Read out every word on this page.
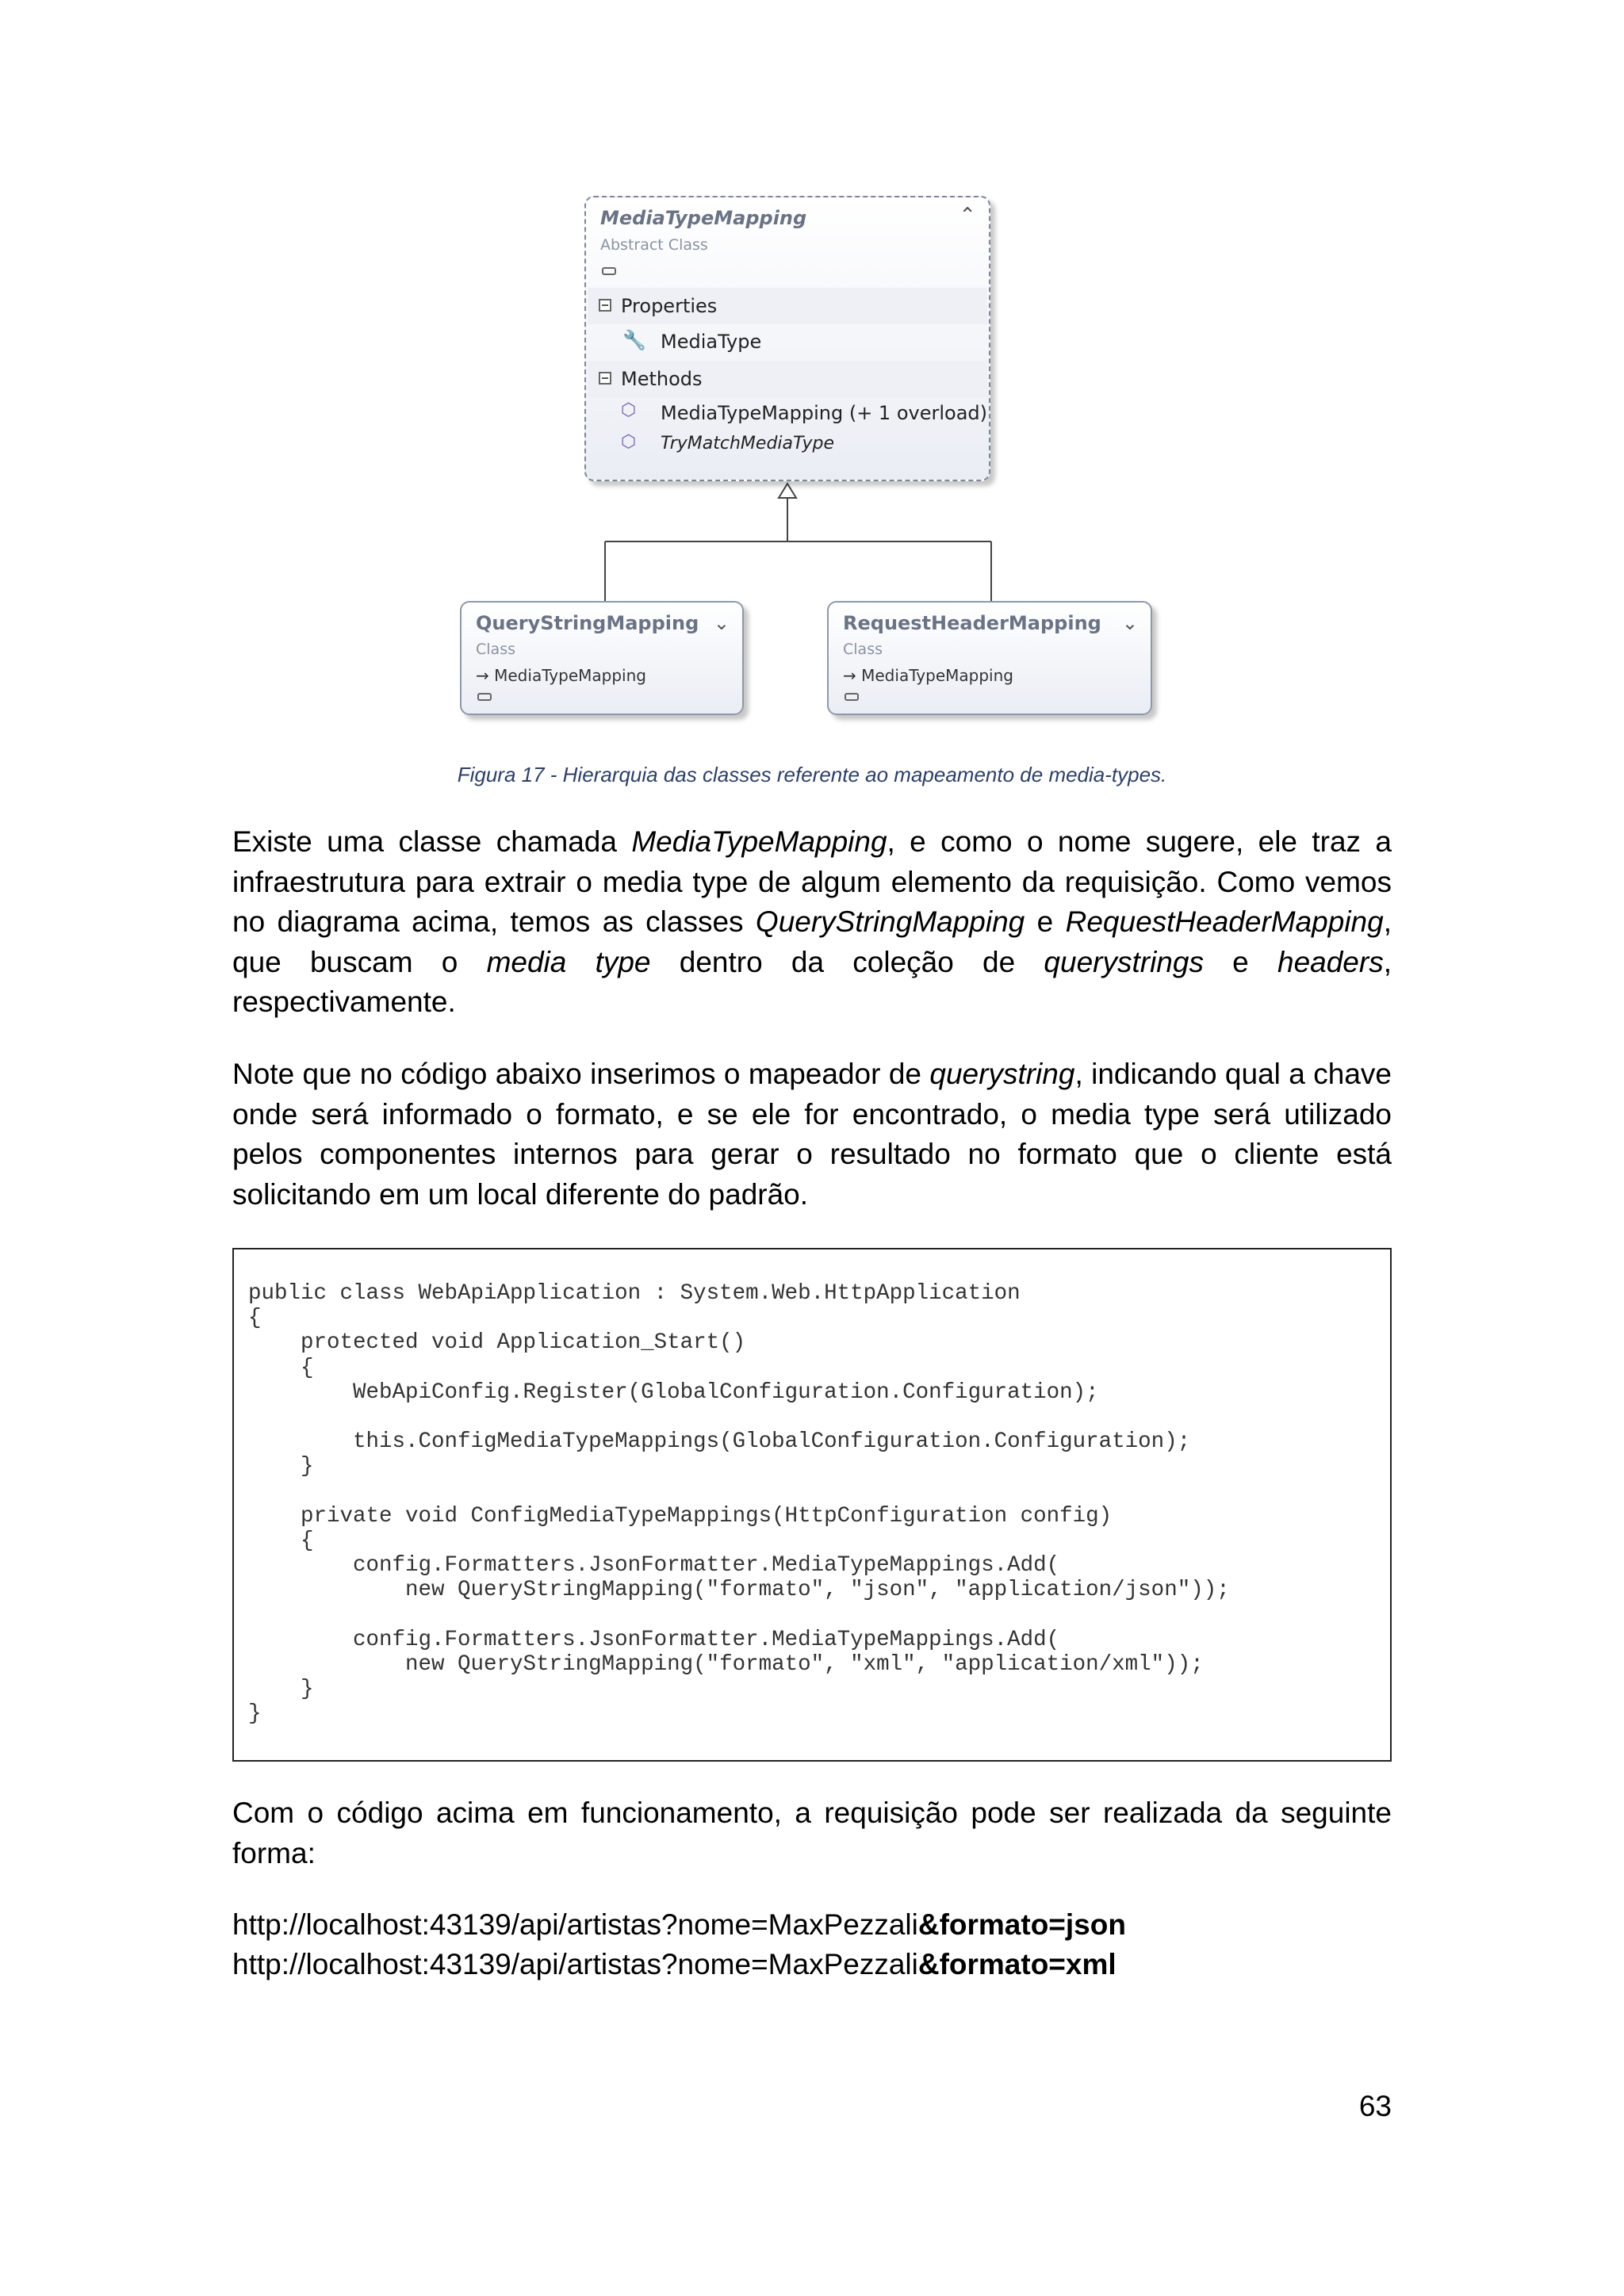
MediaTypeMapping	⌃
Abstract Class
Properties
🔧 MediaType
Methods
⬡ MediaTypeMapping (+ 1 overload)
⬡ TryMatchMediaType
QueryStringMapping ⌄
Class
→ MediaTypeMapping
RequestHeaderMapping ⌄
Class
→ MediaTypeMapping
Figura 17 - Hierarquia das classes referente ao mapeamento de media-types.
Existe uma classe chamada MediaTypeMapping, e como o nome sugere, ele traz a
infraestrutura para extrair o media type de algum elemento da requisição. Como vemos
no diagrama acima, temos as classes QueryStringMapping e RequestHeaderMapping,
que buscam o media type dentro da coleção de querystrings e headers,
respectivamente.
Note que no código abaixo inserimos o mapeador de querystring, indicando qual a chave
onde será informado o formato, e se ele for encontrado, o media type será utilizado
pelos componentes internos para gerar o resultado no formato que o cliente está
solicitando em um local diferente do padrão.
public class WebApiApplication : System.Web.HttpApplication
{
protected void Application_Start()
{
WebApiConfig.Register(GlobalConfiguration.Configuration);

this.ConfigMediaTypeMappings(GlobalConfiguration.Configuration);
}

private void ConfigMediaTypeMappings(HttpConfiguration config)
{
config.Formatters.JsonFormatter.MediaTypeMappings.Add(
new QueryStringMapping("formato", "json", "application/json"));

config.Formatters.JsonFormatter.MediaTypeMappings.Add(
new QueryStringMapping("formato", "xml", "application/xml"));
}
}
Com o código acima em funcionamento, a requisição pode ser realizada da seguinte
forma:
http://localhost:43139/api/artistas?nome=MaxPezzali&formato=json
http://localhost:43139/api/artistas?nome=MaxPezzali&formato=xml
63
